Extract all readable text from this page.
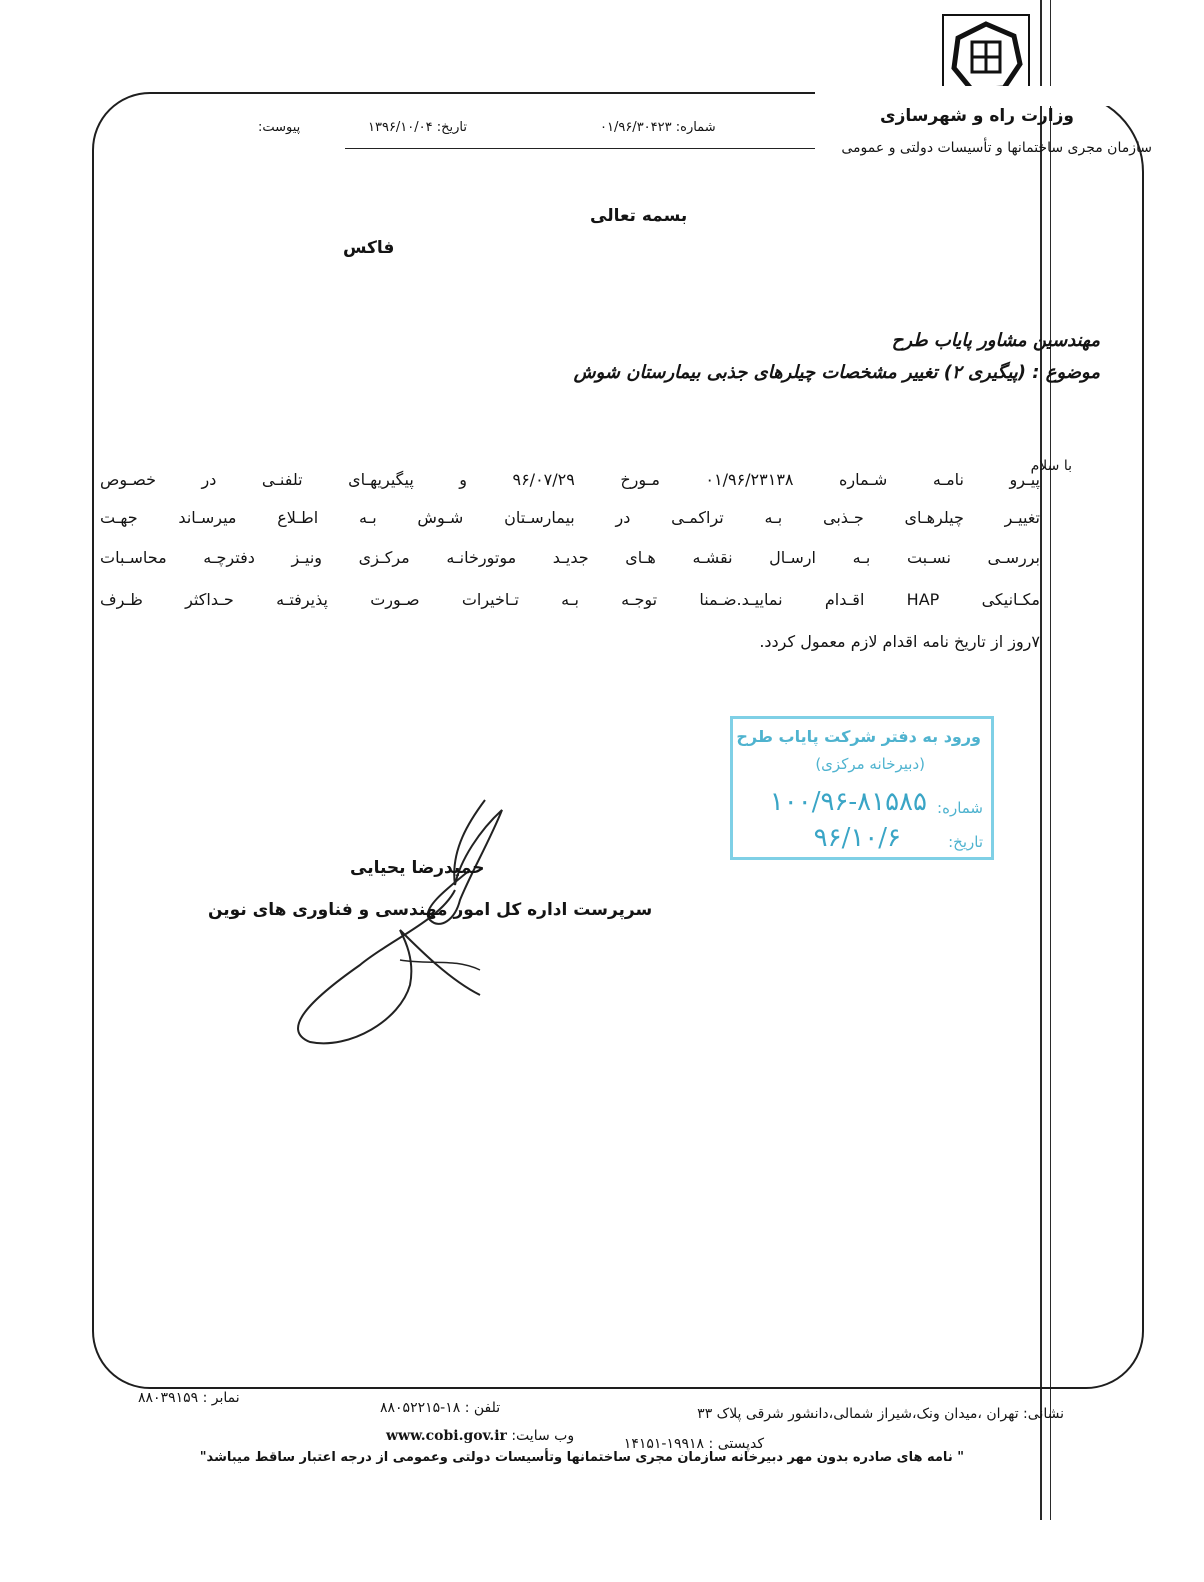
وزارت راه و شهرسازی
سازمان مجری ساختمانها و تأسیسات دولتی و عمومی
شماره: ۰۱/۹۶/۳۰۴۲۳
تاریخ: ۱۳۹۶/۱۰/۰۴
پیوست:
بسمه تعالی
فاکس
مهندسین مشاور پایاب طرح
موضوع : (پیگیری ۲) تغییر مشخصات چیلرهای جذبی بیمارستان شوش
با سلام
پیـرو نامـه شـماره ۰۱/۹۶/۲۳۱۳۸ مـورخ ۹۶/۰۷/۲۹ و پیگیریهـای تلفنـی در خصـوص
تغییـر چیلرهـای جـذبی بـه تراکمـی در بیمارسـتان شـوش بـه اطـلاع میرسـاند جهـت
بررسـی نسـبت بـه ارسـال نقشـه هـای جدیـد موتورخانـه مرکـزی ونیـز دفترچـه محاسـبات
مکـانیکی HAP اقـدام نماییـد.ضـمنا توجـه بـه تـاخیرات صـورت پذیرفتـه حـداکثر ظـرف
۷روز از تاریخ نامه اقدام لازم معمول کردد.
ورود به دفتر شرکت پایاب طرح
(دبیرخانه مرکزی)
شماره:
۱۰۰/۹۶-۸۱۵۸۵
تاریخ:
۹۶/۱۰/۶
حمیدرضا یحیایی
سرپرست اداره کل امور مهندسی و فناوری های نوین
نمابر : ۸۸۰۳۹۱۵۹
تلفن : ۱۸-۸۸۰۵۲۲۱۵	نشانی: تهران ،میدان ونک،شیراز شمالی،دانشور شرقی پلاک ۳۳
وب سایت: www.cobi.gov.ir	کدپستی : ۱۹۹۱۸-۱۴۱۵۱
" نامه های صادره بدون مهر دبیرخانه سازمان مجری ساختمانها وتأسیسات دولتی وعمومی از درجه اعتبار ساقط میباشد"
